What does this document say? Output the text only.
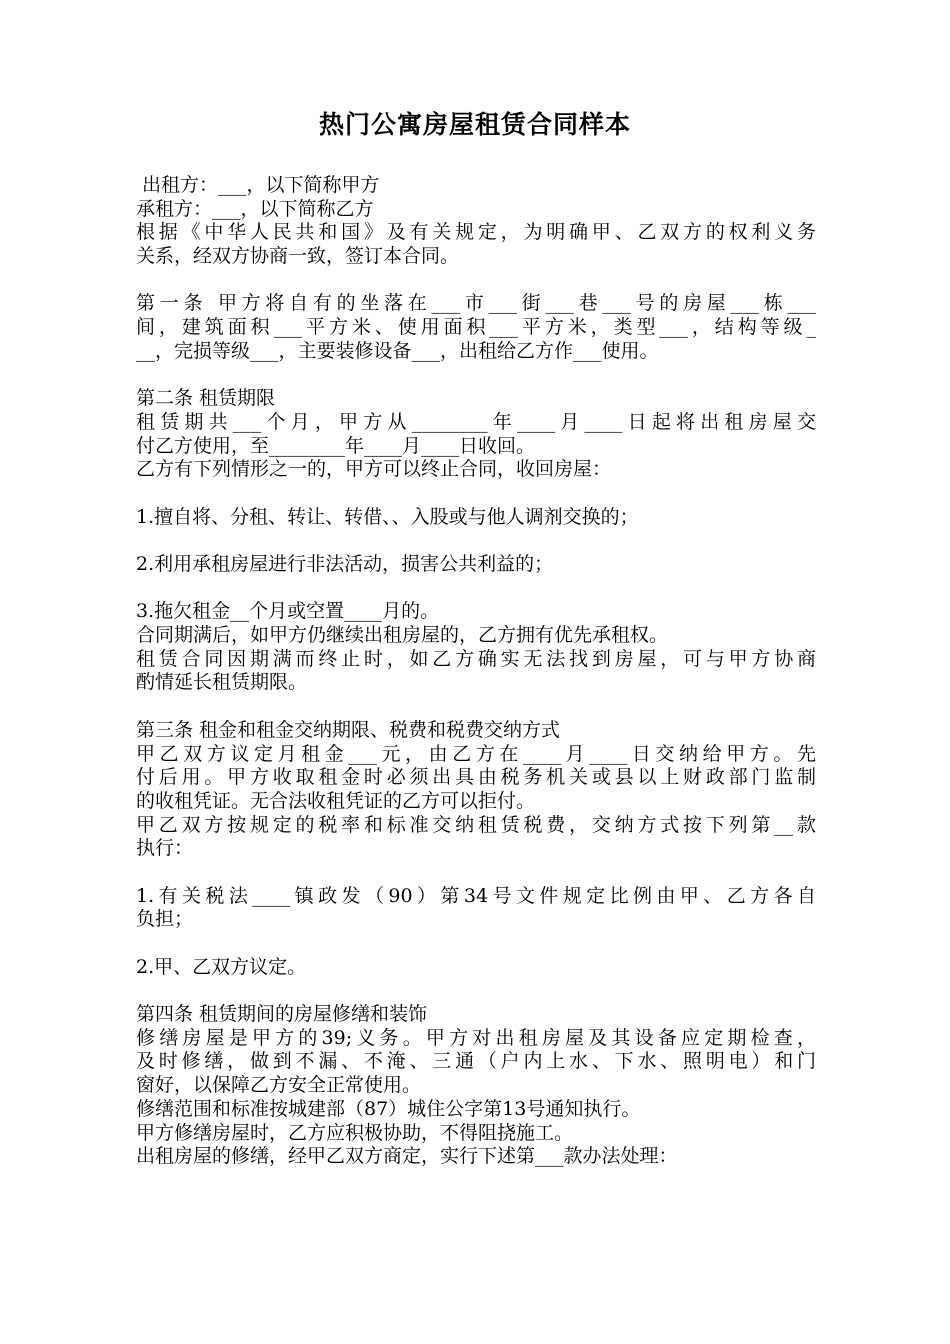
热门公寓房屋租赁合同样本
出租方：___，以下简称甲方
承租方：___，以下简称乙方
根据《中华人民共和国》及有关规定，为明确甲、乙双方的权利义务
关系，经双方协商一致，签订本合同。
第一条 甲方将自有的坐落在___市___街___巷___号的房屋___栋___
间，建筑面积___平方米、使用面积___平方米，类型___，结构等级_
__，完损等级___，主要装修设备___，出租给乙方作___使用。
第二条 租赁期限
租赁期共___个月，甲方从________年____月____日起将出租房屋交
付乙方使用，至________年____月____日收回。
乙方有下列情形之一的，甲方可以终止合同，收回房屋：
1.擅自将、分租、转让、转借、、入股或与他人调剂交换的；
2.利用承租房屋进行非法活动，损害公共利益的；
3.拖欠租金__个月或空置____月的。
合同期满后，如甲方仍继续出租房屋的，乙方拥有优先承租权。
租赁合同因期满而终止时，如乙方确实无法找到房屋，可与甲方协商
酌情延长租赁期限。
第三条 租金和租金交纳期限、税费和税费交纳方式
甲乙双方议定月租金___元，由乙方在____月____日交纳给甲方。先
付后用。甲方收取租金时必须出具由税务机关或县以上财政部门监制
的收租凭证。无合法收租凭证的乙方可以拒付。
甲乙双方按规定的税率和标准交纳租赁税费，交纳方式按下列第__款
执行：
1.有关税法____镇政发（90）第34号文件规定比例由甲、乙方各自
负担；
2.甲、乙双方议定。
第四条 租赁期间的房屋修缮和装饰
修缮房屋是甲方的39;义务。甲方对出租房屋及其设备应定期检查，
及时修缮，做到不漏、不淹、三通（户内上水、下水、照明电）和门
窗好，以保障乙方安全正常使用。
修缮范围和标准按城建部（87）城住公字第13号通知执行。
甲方修缮房屋时，乙方应积极协助，不得阻挠施工。
出租房屋的修缮，经甲乙双方商定，实行下述第___款办法处理：
